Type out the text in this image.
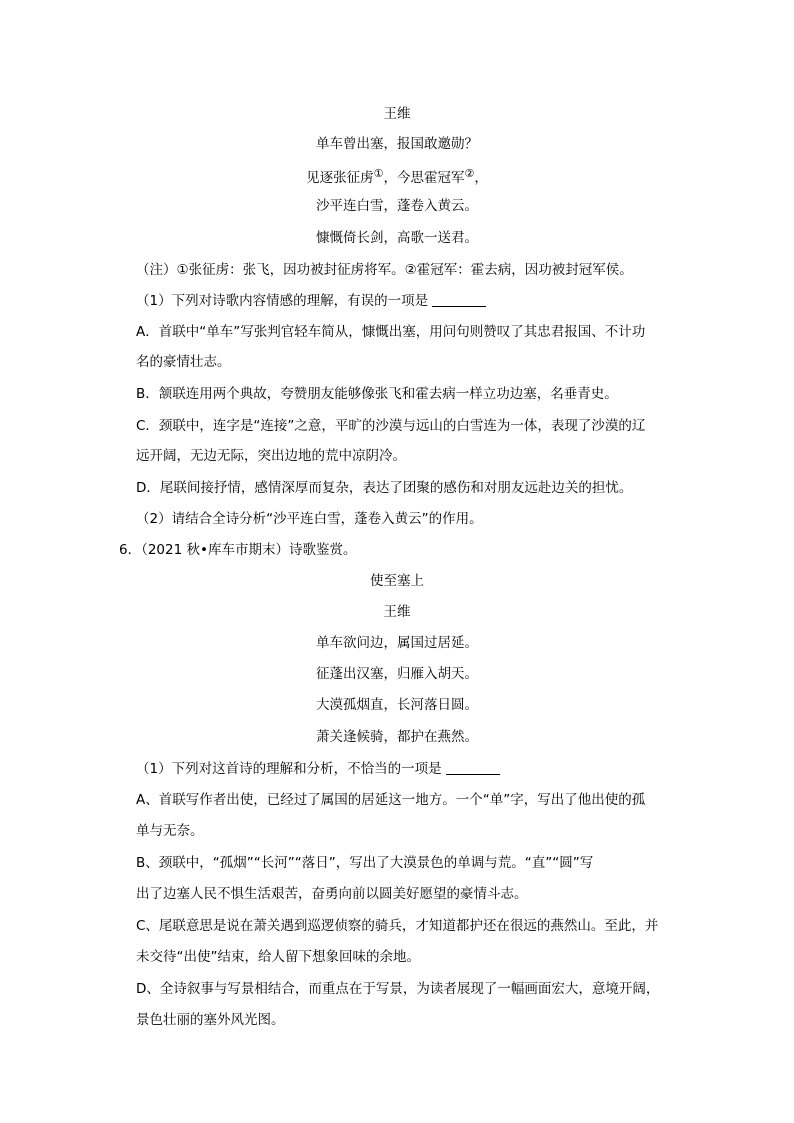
王维
单车曾出塞，报国敢邀勋？
见逐张征虏①，今思霍冠军②，
沙平连白雪，蓬卷入黄云。
慷慨倚长剑，高歌一送君。
（注）①张征虏：张飞，因功被封征虏将军。②霍冠军：霍去病，因功被封冠军侯。
（1）下列对诗歌内容情感的理解，有误的一项是
A．首联中“单车”写张判官轻车简从，慷慨出塞，用问句则赞叹了其忠君报国、不计功
名的豪情壮志。
B．颔联连用两个典故，夸赞朋友能够像张飞和霍去病一样立功边塞，名垂青史。
C．颈联中，连字是“连接”之意，平旷的沙漠与远山的白雪连为一体，表现了沙漠的辽
远开阔，无边无际，突出边地的荒中凉阴冷。
D．尾联间接抒情，感情深厚而复杂，表达了团聚的感伤和对朋友远赴边关的担忧。
（2）请结合全诗分析“沙平连白雪，蓬卷入黄云”的作用。
6．（2021 秋•库车市期末）诗歌鉴赏。
使至塞上
王维
单车欲问边，属国过居延。
征蓬出汉塞，归雁入胡天。
大漠孤烟直，长河落日圆。
萧关逢候骑，都护在燕然。
（1）下列对这首诗的理解和分析，不恰当的一项是
A、首联写作者出使，已经过了属国的居延这一地方。一个“单”字，写出了他出使的孤
单与无奈。
B、颈联中，“孤烟”“长河”“落日”，写出了大漠景色的单调与荒。“直”“圆”写
出了边塞人民不惧生活艰苦，奋勇向前以圆美好愿望的豪情斗志。
C、尾联意思是说在萧关遇到巡逻侦察的骑兵，才知道都护还在很远的燕然山。至此，并
未交待“出使”结束，给人留下想象回味的余地。
D、全诗叙事与写景相结合，而重点在于写景，为读者展现了一幅画面宏大，意境开阔，
景色壮丽的塞外风光图。
